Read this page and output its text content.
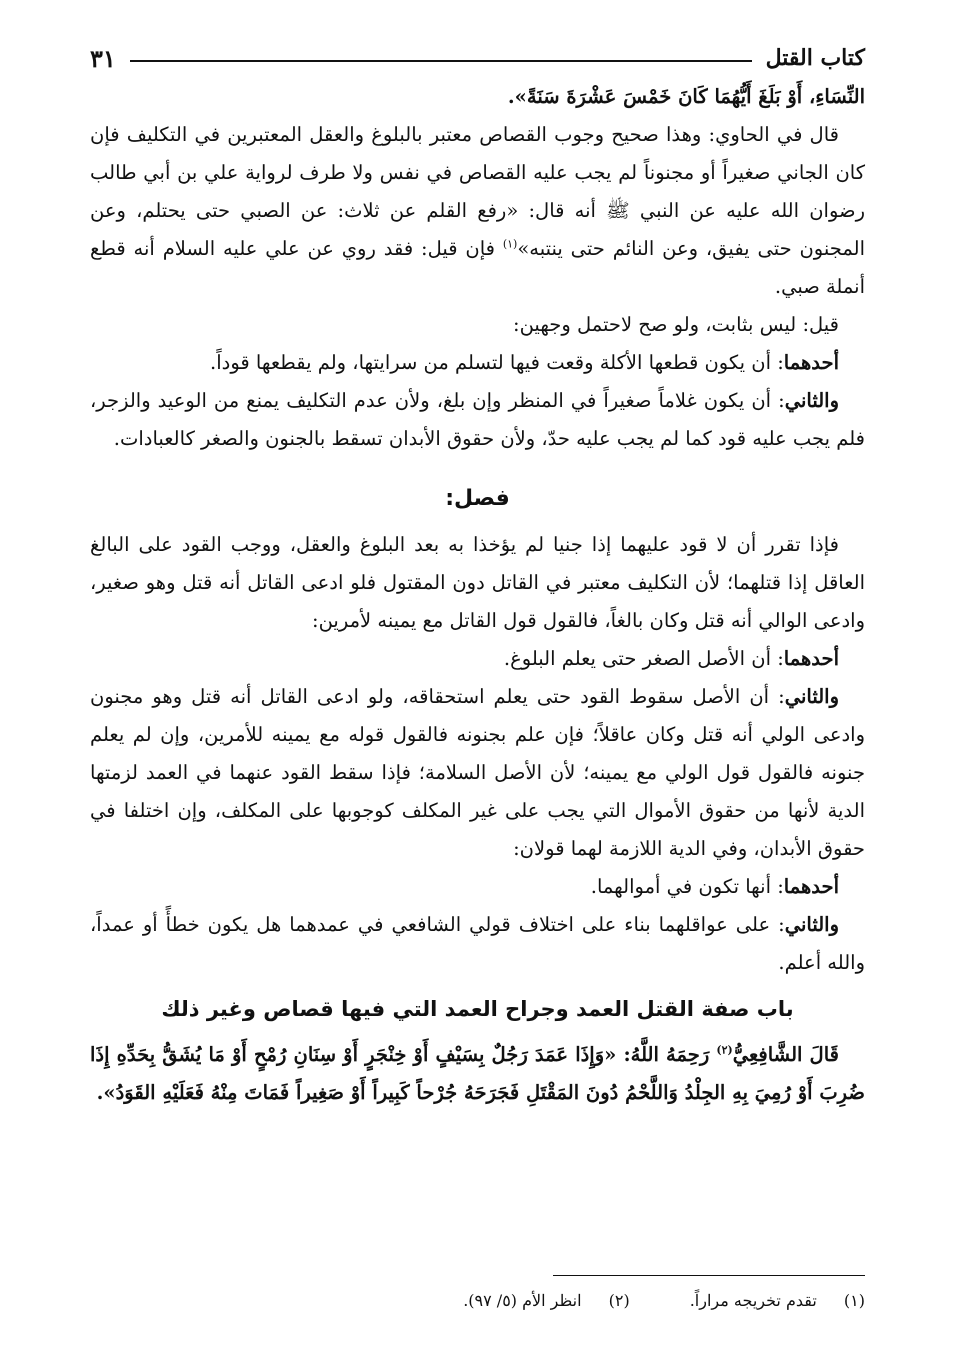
كتاب القتل
٣١

النِّسَاءِ، أَوْ بَلَغَ أَيُّهُمَا كَانَ خَمْسَ عَشْرَةَ سَنَةً».

قال في الحاوي: وهذا صحيح وجوب القصاص معتبر بالبلوغ والعقل المعتبرين في التكليف فإن كان الجاني صغيراً أو مجنوناً لم يجب عليه القصاص في نفس ولا طرف لرواية علي بن أبي طالب رضوان الله عليه عن النبي ﷺ أنه قال: «رفع القلم عن ثلاث: عن الصبي حتى يحتلم، وعن المجنون حتى يفيق، وعن النائم حتى ينتبه»$^{(١)}$ فإن قيل: فقد روي عن علي عليه السلام أنه قطع أنملة صبي.

قيل: ليس بثابت، ولو صح لاحتمل وجهين:

أحدهما: أن يكون قطعها الأكلة وقعت فيها لتسلم من سرايتها، ولم يقطعها قوداً.

والثاني: أن يكون غلاماً صغيراً في المنظر وإن بلغ، ولأن عدم التكليف يمنع من الوعيد والزجر، فلم يجب عليه قود كما لم يجب عليه حدّ، ولأن حقوق الأبدان تسقط بالجنون والصغر كالعبادات.

فصل:

فإذا تقرر أن لا قود عليهما إذا جنيا لم يؤخذا به بعد البلوغ والعقل، ووجب القود على البالغ العاقل إذا قتلهما؛ لأن التكليف معتبر في القاتل دون المقتول فلو ادعى القاتل أنه قتل وهو صغير، وادعى الوالي أنه قتل وكان بالغاً، فالقول قول القاتل مع يمينه لأمرين:

أحدهما: أن الأصل الصغر حتى يعلم البلوغ.

والثاني: أن الأصل سقوط القود حتى يعلم استحقاقه، ولو ادعى القاتل أنه قتل وهو مجنون وادعى الولي أنه قتل وكان عاقلاً؛ فإن علم بجنونه فالقول قوله مع يمينه للأمرين، وإن لم يعلم جنونه فالقول قول الولي مع يمينه؛ لأن الأصل السلامة؛ فإذا سقط القود عنهما في العمد لزمتها الدية لأنها من حقوق الأموال التي يجب على غير المكلف كوجوبها على المكلف، وإن اختلفا في حقوق الأبدان، وفي الدية اللازمة لهما قولان:

أحدهما: أنها تكون في أموالهما.

والثاني: على عواقلهما بناء على اختلاف قولي الشافعي في عمدهما هل يكون خطأً أو عمداً، والله أعلم.

باب صفة القتل العمد وجراح العمد التي فيها قصاص وغير ذلك

قَالَ الشَّافِعِيُّ$^{(٢)}$ رَحِمَهُ اللَّهُ: «وَإِذَا عَمَدَ رَجُلٌ بِسَيْفٍ أَوْ خِنْجَرٍ أَوْ سِنَانِ رُمْحٍ أَوْ مَا يُشَقُّ بِحَدِّهِ إِذَا ضُرِبَ أَوْ رُمِيَ بِهِ الجِلْدُ وَاللَّحْمُ دُونَ المَقْتَلِ فَجَرَحَهُ جُرْحاً كَبِيراً أَوْ صَغِيراً فَمَاتَ مِنْهُ فَعَلَيْهِ القَوَدُ».

(١) تقدم تخريجه مراراً.
(٢) انظر الأم (٥/ ٩٧).
